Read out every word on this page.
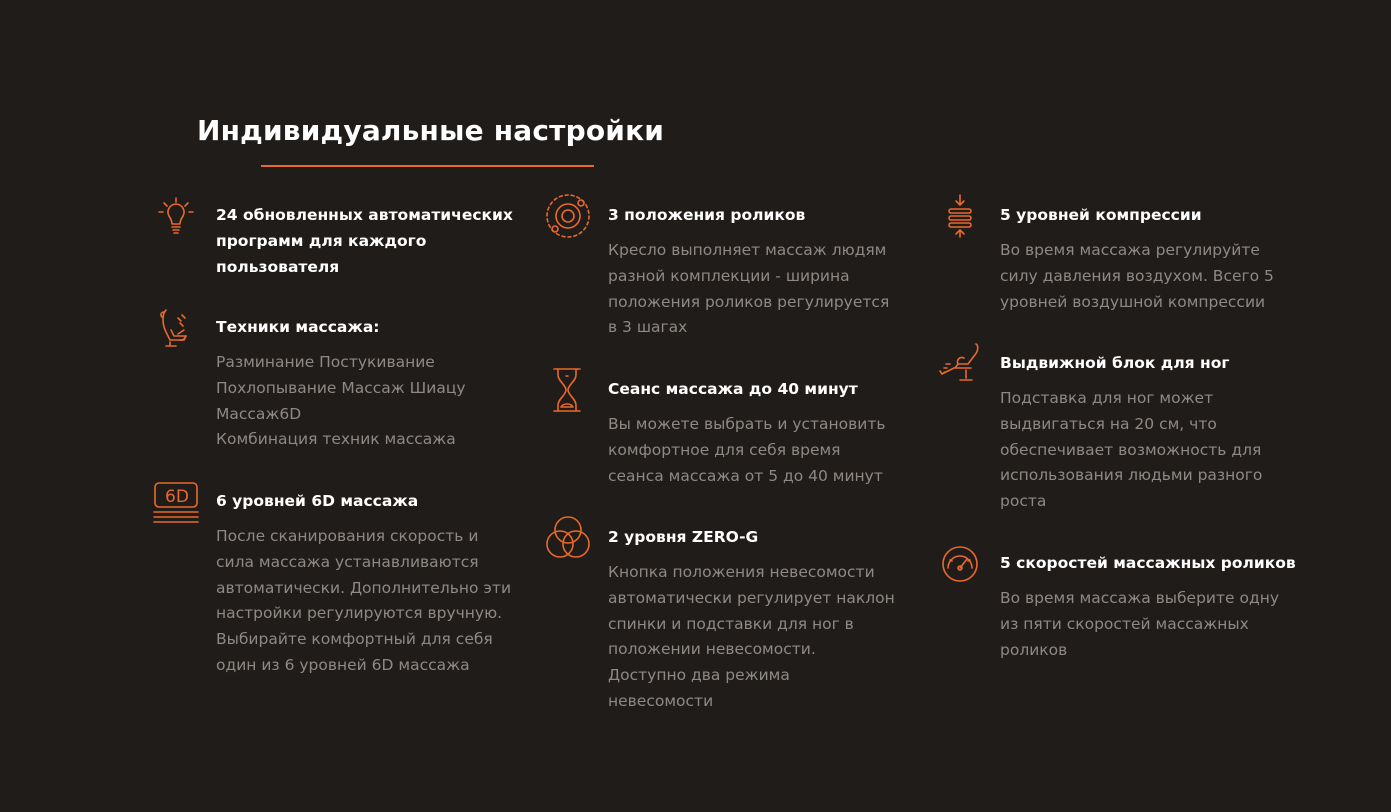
Индивидуальные настройки
24 обновленных автоматических программ для каждого пользователя
Техники массажа:

Разминание Постукивание Похлопывание Массаж Шиацу Массаж6D
Комбинация техник массажа

6D 6 уровней 6D массажа

После сканирования скорость и сила массажа устанавливаются автоматически. Дополнительно эти настройки регулируются вручную. Выбирайте комфортный для себя один из 6 уровней 6D массажа

3 положения роликов

Кресло выполняет массаж людям разной комплекции - ширина положения роликов регулируется в 3 шагах

Сеанс массажа до 40 минут

Вы можете выбрать и установить комфортное для себя время сеанса массажа от 5 до 40 минут

2 уровня ZERO-G

Кнопка положения невесомости автоматически регулирует наклон спинки и подставки для ног в положении невесомости. Доступно два режима невесомости

5 уровней компрессии

Во время массажа регулируйте силу давления воздухом. Всего 5 уровней воздушной компрессии

Выдвижной блок для ног

Подставка для ног может выдвигаться на 20 см, что обеспечивает возможность для использования людьми разного роста

5 скоростей массажных роликов

Во время массажа выберите одну из пяти скоростей массажных роликов
